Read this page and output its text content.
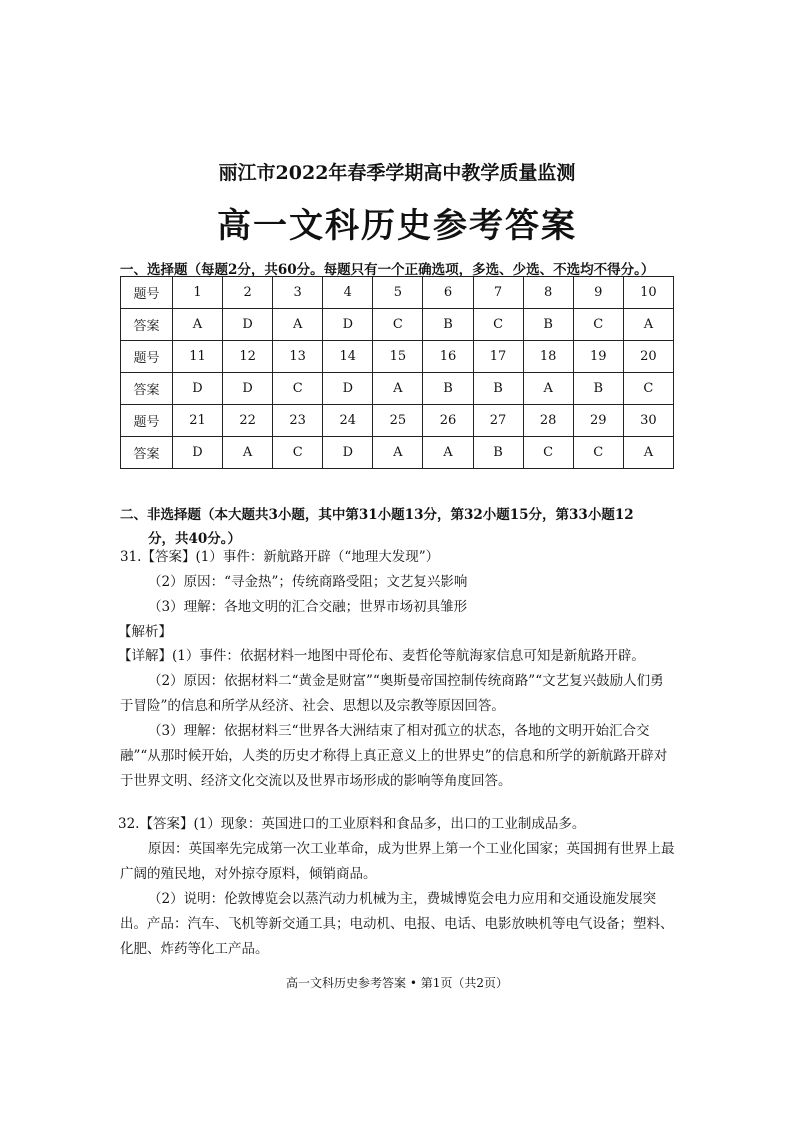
丽江市2022年春季学期高中教学质量监测
高一文科历史参考答案
一、选择题（每题2分，共60分。每题只有一个正确选项，多选、少选、不选均不得分。）
题号	1	2	3	4	5	6	7	8	9	10
答案	A	D	A	D	C	B	C	B	C	A
题号	11	12	13	14	15	16	17	18	19	20
答案	D	D	C	D	A	B	B	A	B	C
题号	21	22	23	24	25	26	27	28	29	30
答案	D	A	C	D	A	A	B	C	C	A
二、非选择题（本大题共3小题，其中第31小题13分，第32小题15分，第33小题12
分，共40分。）
31.【答案】(1）事件：新航路开辟（“地理大发现”）
（2）原因：“寻金热”；传统商路受阻；文艺复兴影响
（3）理解：各地文明的汇合交融；世界市场初具雏形
【解析】
【详解】(1）事件：依据材料一地图中哥伦布、麦哲伦等航海家信息可知是新航路开辟。
（2）原因：依据材料二“黄金是财富”“奥斯曼帝国控制传统商路”“文艺复兴鼓励人们勇于冒险”的信息和所学从经济、社会、思想以及宗教等原因回答。
（3）理解：依据材料三“世界各大洲结束了相对孤立的状态，各地的文明开始汇合交融”“从那时候开始，人类的历史才称得上真正意义上的世界史”的信息和所学的新航路开辟对于世界文明、经济文化交流以及世界市场形成的影响等角度回答。
32.【答案】(1）现象：英国进口的工业原料和食品多，出口的工业制成品多。
原因：英国率先完成第一次工业革命，成为世界上第一个工业化国家；英国拥有世界上最广阔的殖民地，对外掠夺原料，倾销商品。
（2）说明：伦敦博览会以蒸汽动力机械为主，费城博览会电力应用和交通设施发展突出。产品：汽车、飞机等新交通工具；电动机、电报、电话、电影放映机等电气设备；塑料、化肥、炸药等化工产品。
高一文科历史参考答案 • 第1页（共2页）
